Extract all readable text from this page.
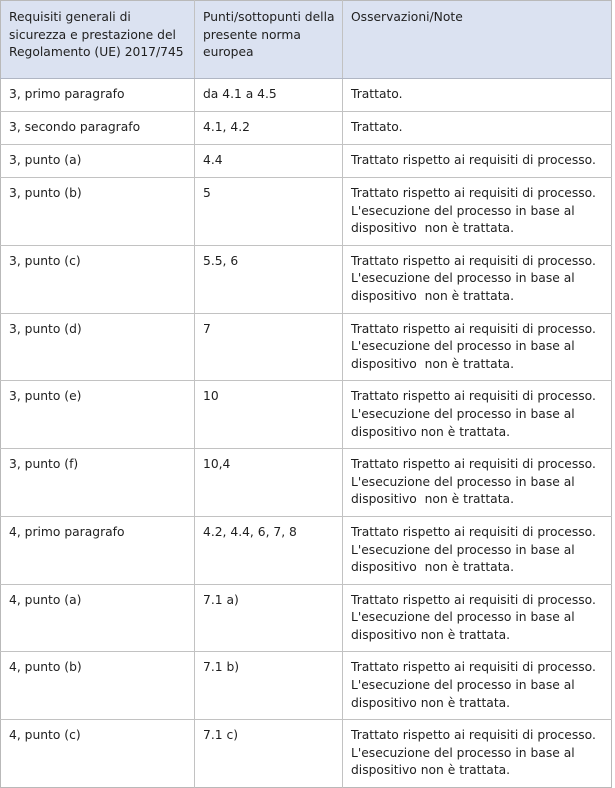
Requisiti generali di sicurezza e prestazione del Regolamento (UE) 2017/745	Punti/sottopunti della presente norma europea	Osservazioni/Note
3, primo paragrafo	da 4.1 a 4.5	Trattato.
3, secondo paragrafo	4.1, 4.2	Trattato.
3, punto (a)	4.4	Trattato rispetto ai requisiti di processo.
3, punto (b)	5	Trattato rispetto ai requisiti di processo. L'esecuzione del processo in base al dispositivo  non è trattata.
3, punto (c)	5.5, 6	Trattato rispetto ai requisiti di processo. L'esecuzione del processo in base al dispositivo  non è trattata.
3, punto (d)	7	Trattato rispetto ai requisiti di processo. L'esecuzione del processo in base al dispositivo  non è trattata.
3, punto (e)	10	Trattato rispetto ai requisiti di processo. L'esecuzione del processo in base al dispositivo non è trattata.
3, punto (f)	10,4	Trattato rispetto ai requisiti di processo. L'esecuzione del processo in base al dispositivo  non è trattata.
4, primo paragrafo	4.2, 4.4, 6, 7, 8	Trattato rispetto ai requisiti di processo. L'esecuzione del processo in base al dispositivo  non è trattata.
4, punto (a)	7.1 a)	Trattato rispetto ai requisiti di processo. L'esecuzione del processo in base al dispositivo non è trattata.
4, punto (b)	7.1 b)	Trattato rispetto ai requisiti di processo. L'esecuzione del processo in base al dispositivo non è trattata.
4, punto (c)	7.1 c)	Trattato rispetto ai requisiti di processo. L'esecuzione del processo in base al dispositivo non è trattata.
